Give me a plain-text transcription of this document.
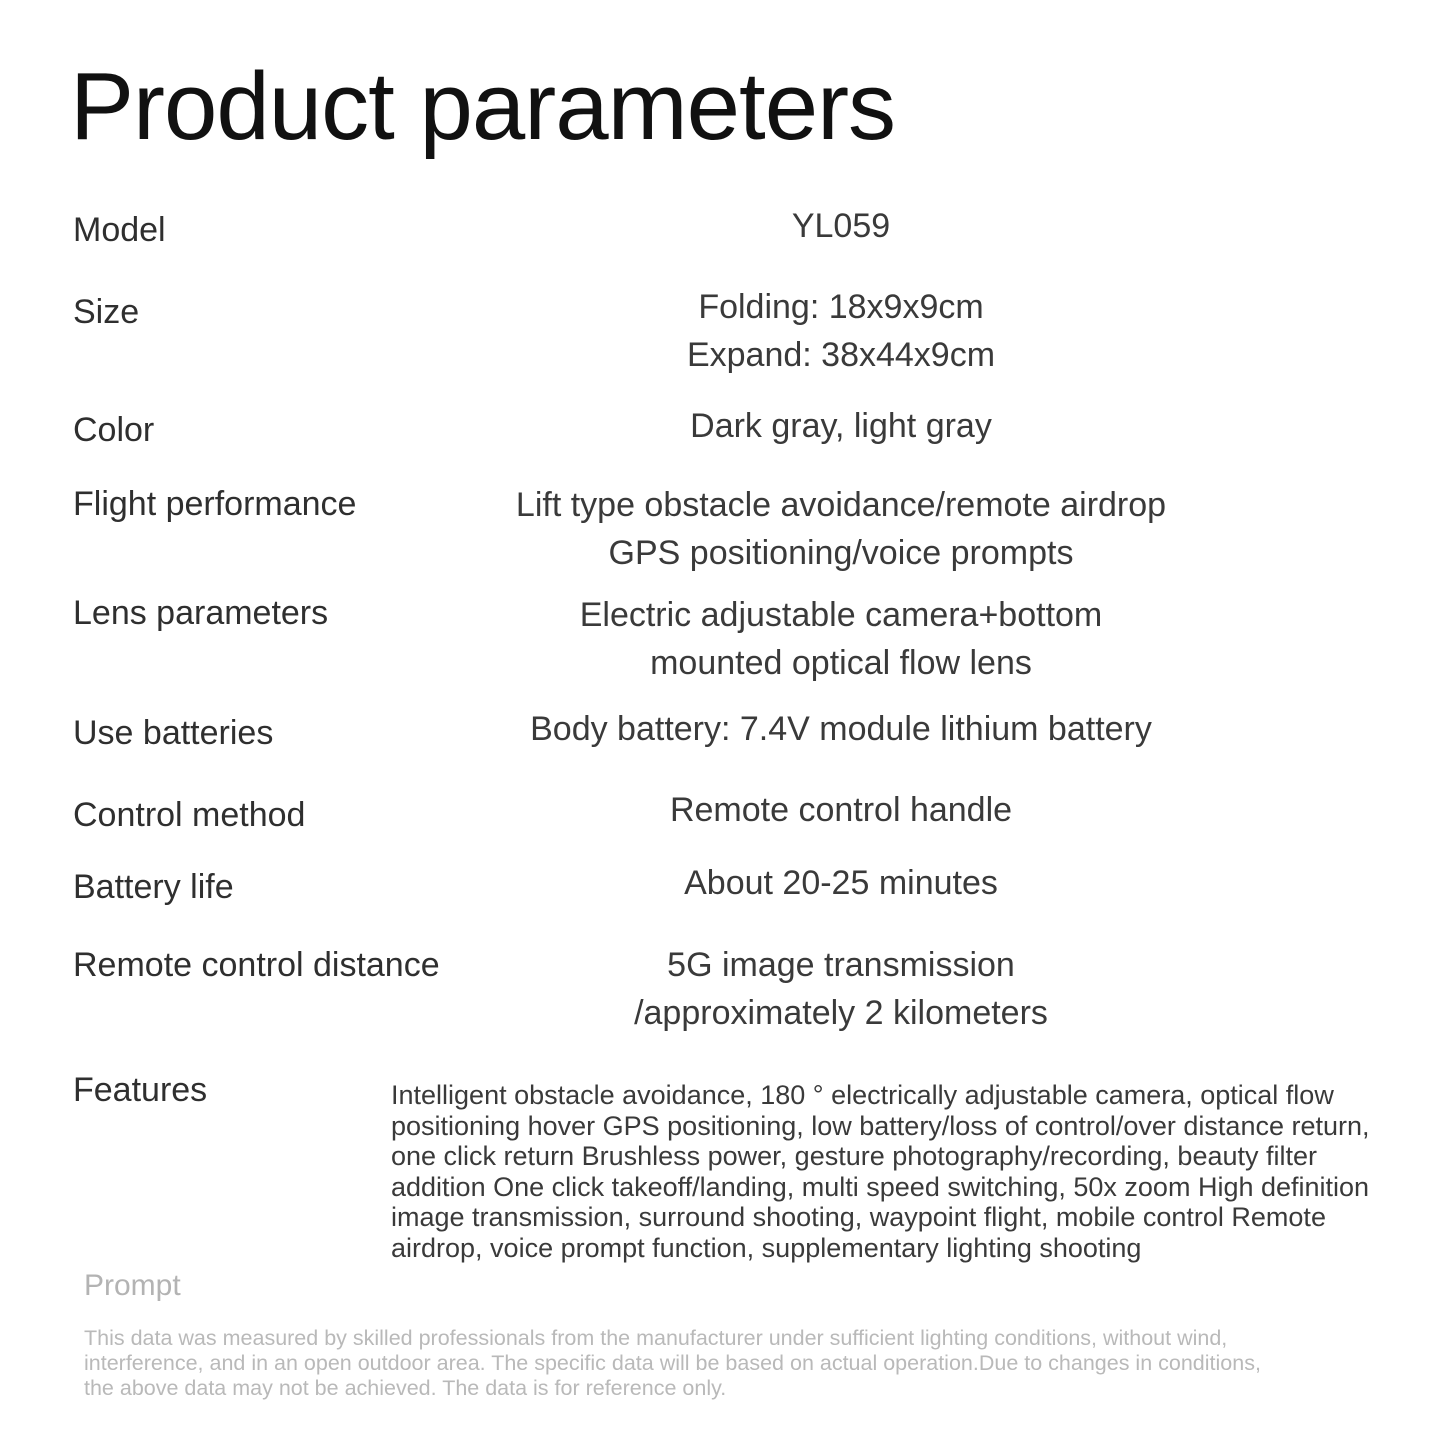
Product parameters
Model	YL059
Size	Folding: 18x9x9cm
Expand: 38x44x9cm
Color	Dark gray, light gray
Flight performance	Lift type obstacle avoidance/remote airdrop
GPS positioning/voice prompts
Lens parameters	Electric adjustable camera+bottom
mounted optical flow lens
Use batteries	Body battery: 7.4V module lithium battery
Control method	Remote control handle
Battery life	About 20-25 minutes
Remote control distance	5G image transmission
/approximately 2 kilometers
Features	Intelligent obstacle avoidance, 180 ° electrically adjustable camera, optical flow
positioning hover GPS positioning, low battery/loss of control/over distance return,
one click return Brushless power, gesture photography/recording, beauty filter
addition One click takeoff/landing, multi speed switching, 50x zoom High definition
image transmission, surround shooting, waypoint flight, mobile control Remote
airdrop, voice prompt function, supplementary lighting shooting
Prompt
This data was measured by skilled professionals from the manufacturer under sufficient lighting conditions, without wind,
interference, and in an open outdoor area. The specific data will be based on actual operation.Due to changes in conditions,
the above data may not be achieved. The data is for reference only.
